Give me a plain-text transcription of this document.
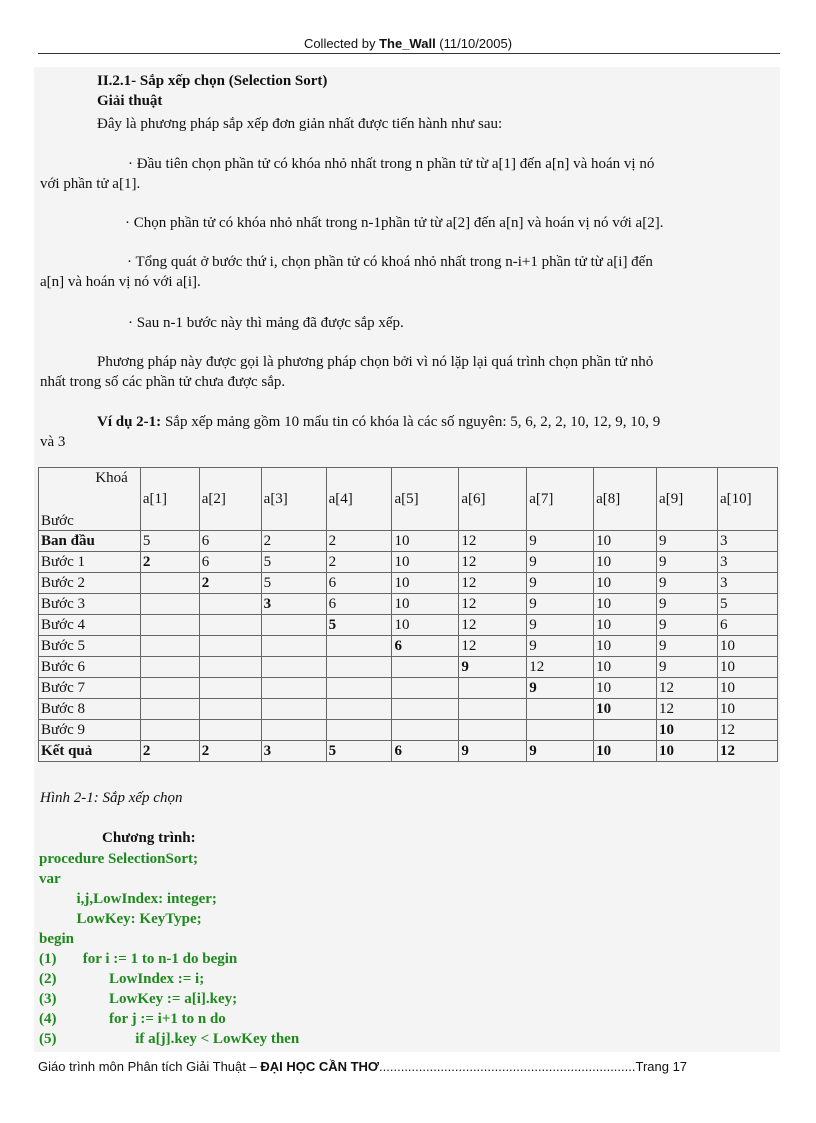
Collected by The_Wall (11/10/2005)
II.2.1- Sắp xếp chọn (Selection Sort)
Giải thuật
Đây là phương pháp sắp xếp đơn giản nhất được tiến hành như sau:
· Đầu tiên chọn phần tử có khóa nhỏ nhất trong n phần tử từ a[1] đến a[n] và hoán vị nó
với phần tử a[1].
· Chọn phần tử có khóa nhỏ nhất trong n-1phần tử từ a[2] đến a[n] và hoán vị nó với a[2].
· Tổng quát ở bước thứ i, chọn phần tử có khoá nhỏ nhất trong n-i+1 phần tử từ a[i] đến
a[n] và hoán vị nó với a[i].
· Sau n-1 bước này thì mảng đã được sắp xếp.
Phương pháp này được gọi là phương pháp chọn bởi vì nó lặp lại quá trình chọn phần tử nhỏ
nhất trong số các phần tử chưa được sắp.
Ví dụ 2-1: Sắp xếp mảng gồm 10 mẩu tin có khóa là các số nguyên: 5, 6, 2, 2, 10, 12, 9, 10, 9
và 3
Khoá
Bước	a[1]	a[2]	a[3]	a[4]	a[5]	a[6]	a[7]	a[8]	a[9]	a[10]
Ban đầu	5	6	2	2	10	12	9	10	9	3
Bước 1	2	6	5	2	10	12	9	10	9	3
Bước 2		2	5	6	10	12	9	10	9	3
Bước 3			3	6	10	12	9	10	9	5
Bước 4				5	10	12	9	10	9	6
Bước 5					6	12	9	10	9	10
Bước 6						9	12	10	9	10
Bước 7							9	10	12	10
Bước 8								10	12	10
Bước 9									10	12
Kết quả	2	2	3	5	6	9	9	10	10	12
Hình 2-1: Sắp xếp chọn
Chương trình:
procedure SelectionSort;
var
i,j,LowIndex: integer;
LowKey: KeyType;
begin
(1)       for i := 1 to n-1 do begin
(2)              LowIndex := i;
(3)              LowKey := a[i].key;
(4)              for j := i+1 to n do
(5)                     if a[j].key < LowKey then
Giáo trình môn Phân tích Giải Thuật – ĐẠI HỌC CẦN THƠ.......................................................................Trang 17
